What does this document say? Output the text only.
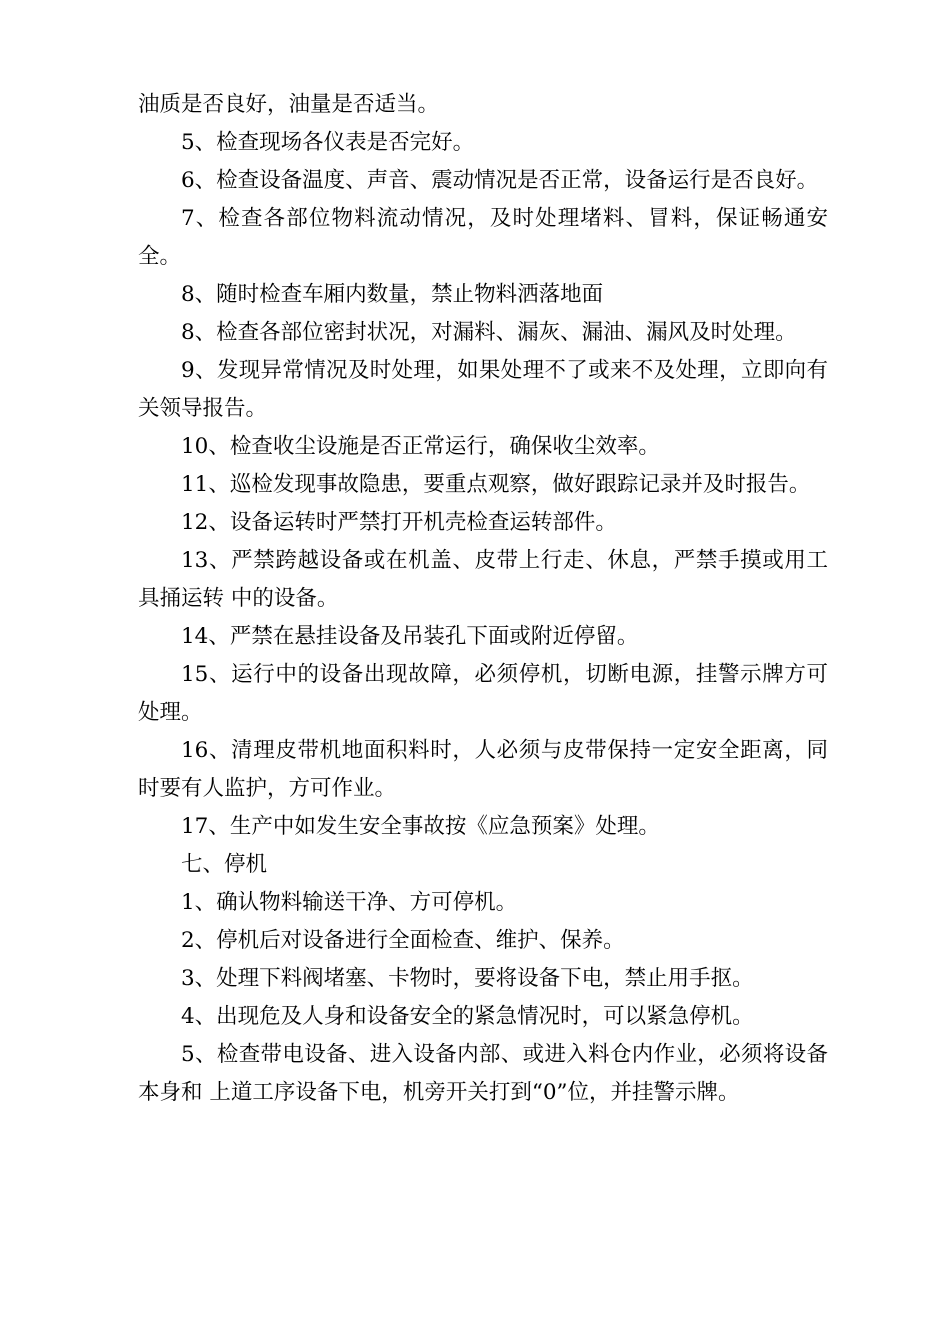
油质是否良好，油量是否适当。

5、检查现场各仪表是否完好。

6、检查设备温度、声音、震动情况是否正常，设备运行是否良好。

7、检查各部位物料流动情况，及时处理堵料、冒料，保证畅通安全。

8、随时检查车厢内数量，禁止物料洒落地面

8、检查各部位密封状况，对漏料、漏灰、漏油、漏风及时处理。

9、发现异常情况及时处理，如果处理不了或来不及处理，立即向有关领导报告。

10、检查收尘设施是否正常运行，确保收尘效率。

11、巡检发现事故隐患，要重点观察，做好跟踪记录并及时报告。

12、设备运转时严禁打开机壳检查运转部件。

13、严禁跨越设备或在机盖、皮带上行走、休息，严禁手摸或用工具捅运转 中的设备。

14、严禁在悬挂设备及吊装孔下面或附近停留。

15、运行中的设备出现故障，必须停机，切断电源，挂警示牌方可处理。

16、清理皮带机地面积料时，人必须与皮带保持一定安全距离，同时要有人监护，方可作业。

17、生产中如发生安全事故按《应急预案》处理。

七、停机

1、确认物料输送干净、方可停机。

2、停机后对设备进行全面检查、维护、保养。

3、处理下料阀堵塞、卡物时，要将设备下电，禁止用手抠。

4、出现危及人身和设备安全的紧急情况时，可以紧急停机。

5、检查带电设备、进入设备内部、或进入料仓内作业，必须将设备本身和 上道工序设备下电，机旁开关打到“0”位，并挂警示牌。
